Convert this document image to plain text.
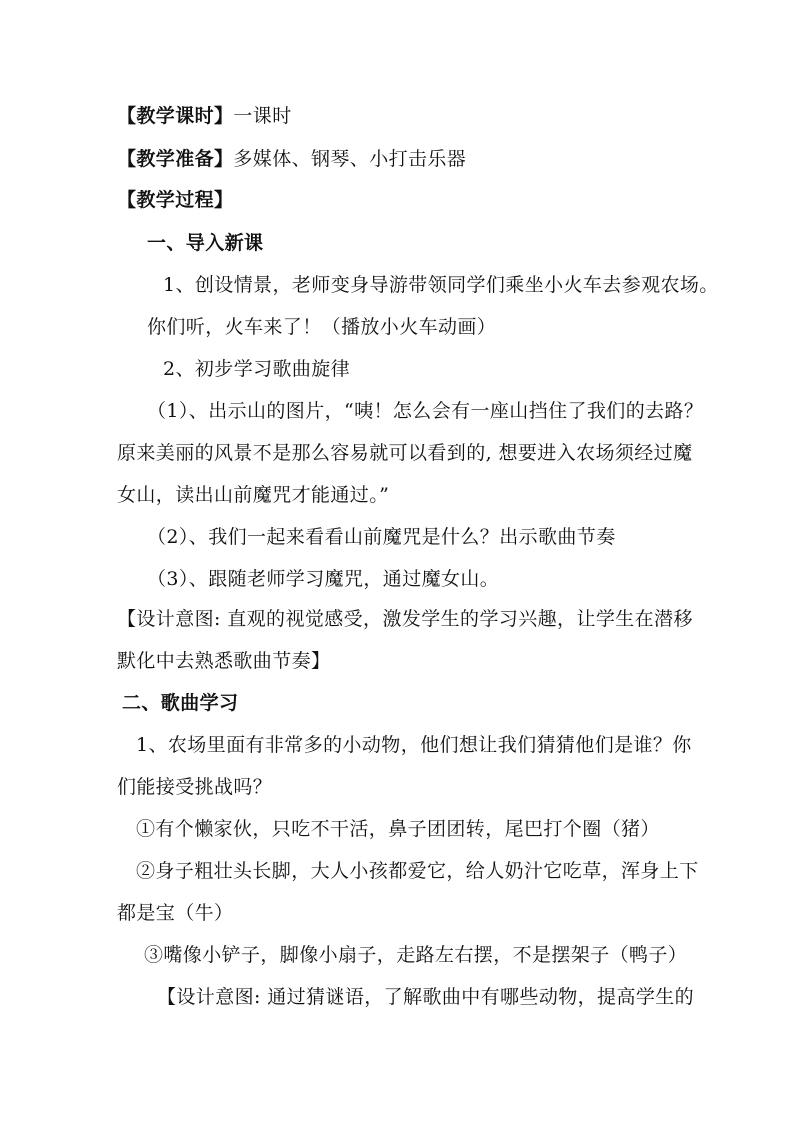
【教学课时】一课时
【教学准备】多媒体、钢琴、小打击乐器
【教学过程】
一、导入新课
1、创设情景，老师变身导游带领同学们乘坐小火车去参观农场。
你们听，火车来了！（播放小火车动画）
2、初步学习歌曲旋律
（1）、出示山的图片，“咦！怎么会有一座山挡住了我们的去路？
原来美丽的风景不是那么容易就可以看到的, 想要进入农场须经过魔
女山，读出山前魔咒才能通过。”
（2）、我们一起来看看山前魔咒是什么？出示歌曲节奏
（3）、跟随老师学习魔咒，通过魔女山。
【设计意图: 直观的视觉感受，激发学生的学习兴趣，让学生在潜移
默化中去熟悉歌曲节奏】
二、歌曲学习
1、农场里面有非常多的小动物，他们想让我们猜猜他们是谁？你
们能接受挑战吗？
①有个懒家伙，只吃不干活，鼻子团团转，尾巴打个圈（猪）
②身子粗壮头长脚，大人小孩都爱它，给人奶汁它吃草，浑身上下
都是宝（牛）
③嘴像小铲子，脚像小扇子，走路左右摆，不是摆架子（鸭子）
【设计意图: 通过猜谜语，了解歌曲中有哪些动物，提高学生的
